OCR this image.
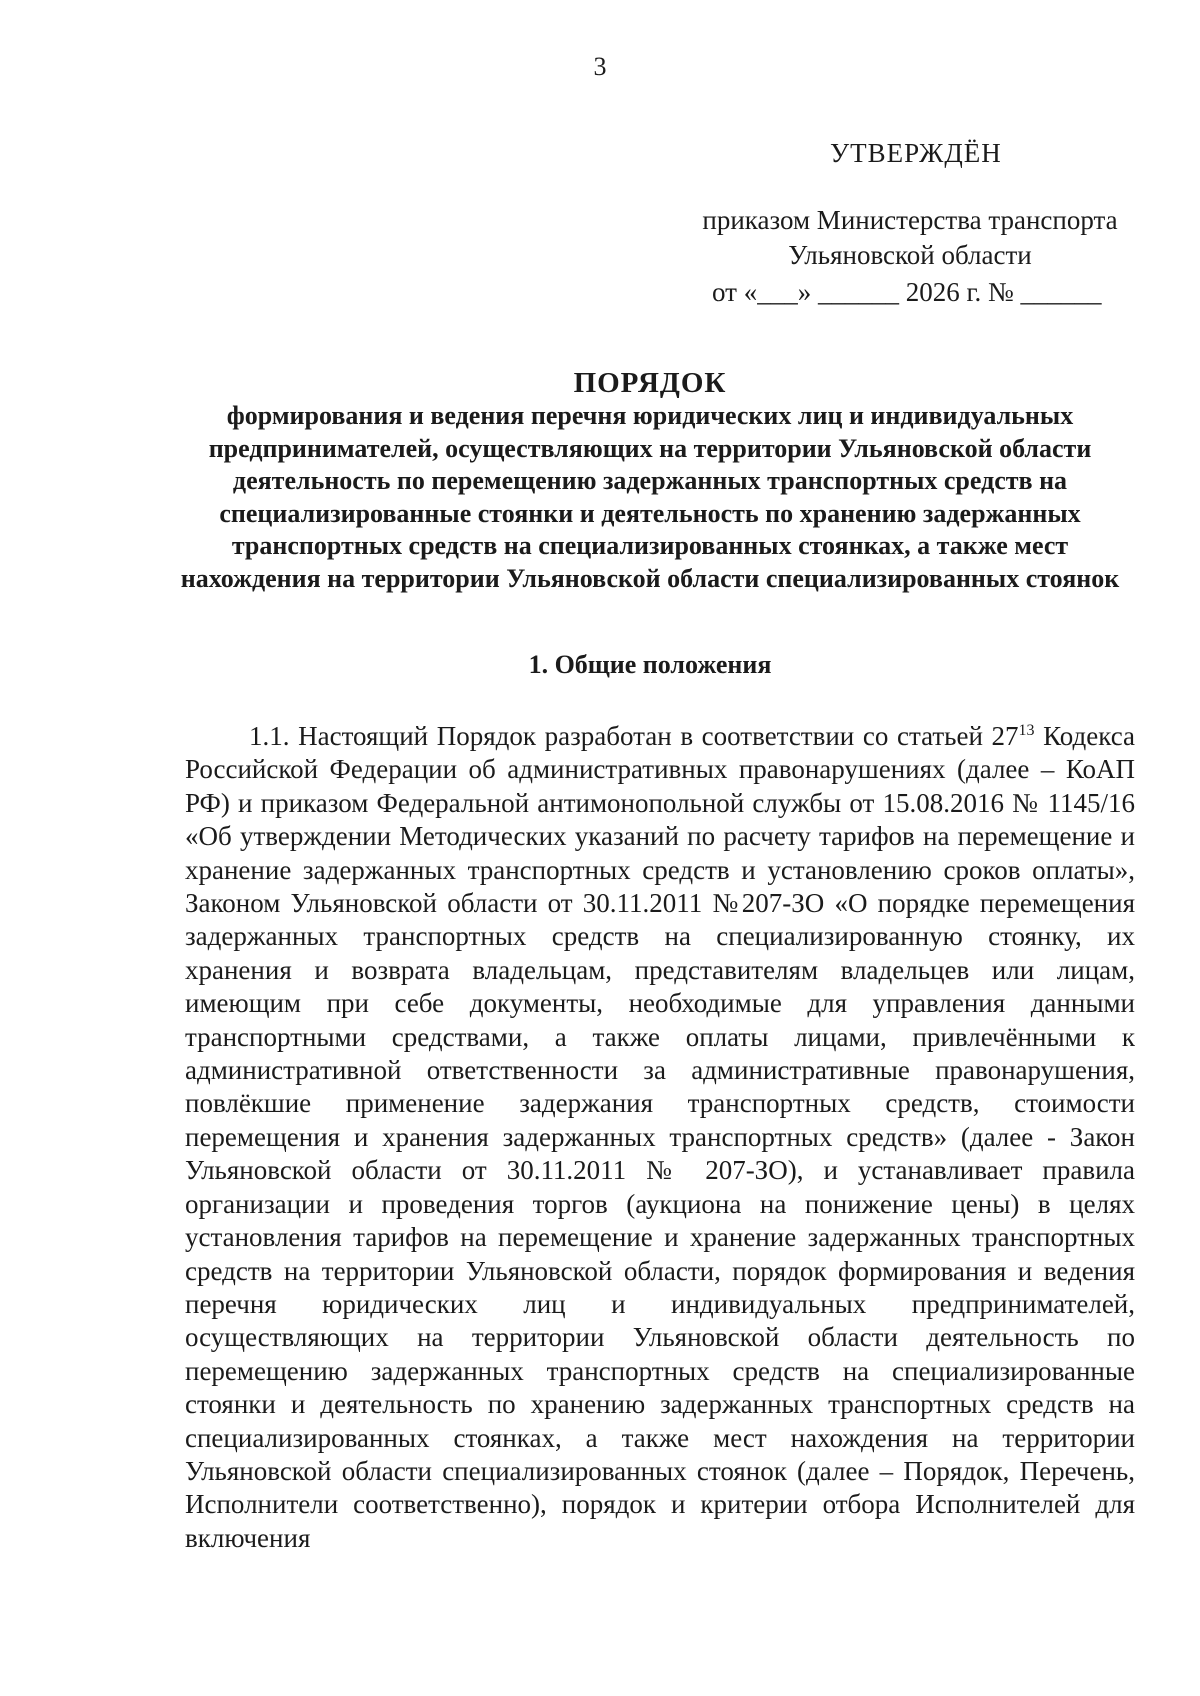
3
УТВЕРЖДЁН
приказом Министерства транспорта
Ульяновской области
от «___» ______ 2026 г. № ______
ПОРЯДОК
формирования и ведения перечня юридических лиц и индивидуальных предпринимателей, осуществляющих на территории Ульяновской области деятельность по перемещению задержанных транспортных средств на специализированные стоянки и деятельность по хранению задержанных транспортных средств на специализированных стоянках, а также мест нахождения на территории Ульяновской области специализированных стоянок
1. Общие положения

1.1. Настоящий Порядок разработан в соответствии со статьей $27^{13}$ Кодекса Российской Федерации об административных правонарушениях (далее – КоАП РФ) и приказом Федеральной антимонопольной службы от 15.08.2016 № 1145/16 «Об утверждении Методических указаний по расчету тарифов на перемещение и хранение задержанных транспортных средств и установлению сроков оплаты», Законом Ульяновской области от 30.11.2011 №207-ЗО «О порядке перемещения задержанных транспортных средств на специализированную стоянку, их хранения и возврата владельцам, представителям владельцев или лицам, имеющим при себе документы, необходимые для управления данными транспортными средствами, а также оплаты лицами, привлечёнными к административной ответственности за административные правонарушения, повлёкшие применение задержания транспортных средств, стоимости перемещения и хранения задержанных транспортных средств» (далее - Закон Ульяновской области от 30.11.2011 № 207-ЗО), и устанавливает правила организации и проведения торгов (аукциона на понижение цены) в целях установления тарифов на перемещение и хранение задержанных транспортных средств на территории Ульяновской области, порядок формирования и ведения перечня юридических лиц и индивидуальных предпринимателей, осуществляющих на территории Ульяновской области деятельность по перемещению задержанных транспортных средств на специализированные стоянки и деятельность по хранению задержанных транспортных средств на специализированных стоянках, а также мест нахождения на территории Ульяновской области специализированных стоянок (далее – Порядок, Перечень, Исполнители соответственно), порядок и критерии отбора Исполнителей для включения
